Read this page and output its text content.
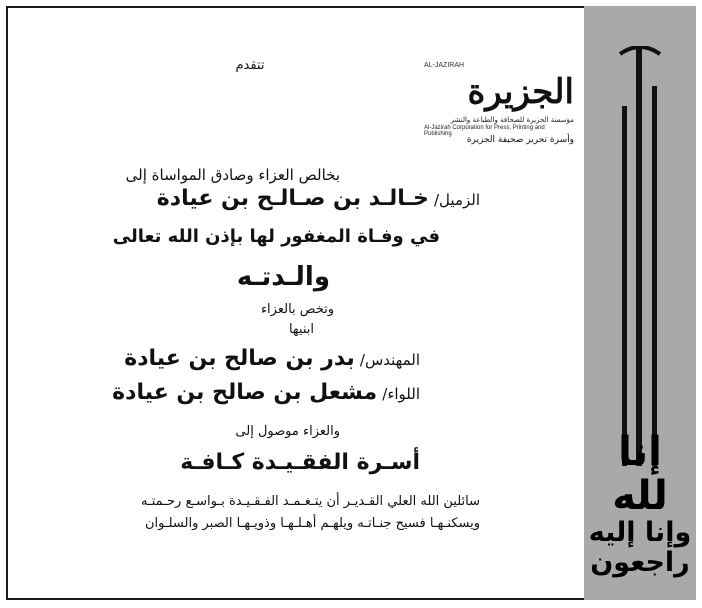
إنا لله
وإنا إليه
راجعون
تتقدم	AL-JAZIRAH
الجزيرة
مؤسسة الجزيرة للصحافة والطباعة والنشر
Al-Jazirah Corporation for Press, Printing and Publishing
وأسرة تحرير صحيفة الجزيرة
بخالص العزاء وصادق المواساة إلى
الزميل/ خـالـد بن صـالـح بن عيادة
في وفـاة المغفور لها بإذن الله تعالى
والـدتـه
وتخص بالعزاء
ابنيها
المهندس/ بدر بن صالح بن عيادة
اللواء/ مشعل بن صالح بن عيادة
والعزاء موصول إلى
أسـرة الفقـيـدة كـافـة
سائلين الله العلي القـديـر أن يتـغـمـد الفـقـيـدة بـواسـع رحـمتـه
ويسكنـهـا فسيح جنـاتـه ويلهـم أهـلـهـا وذويـهـا الصبر والسلـوان
